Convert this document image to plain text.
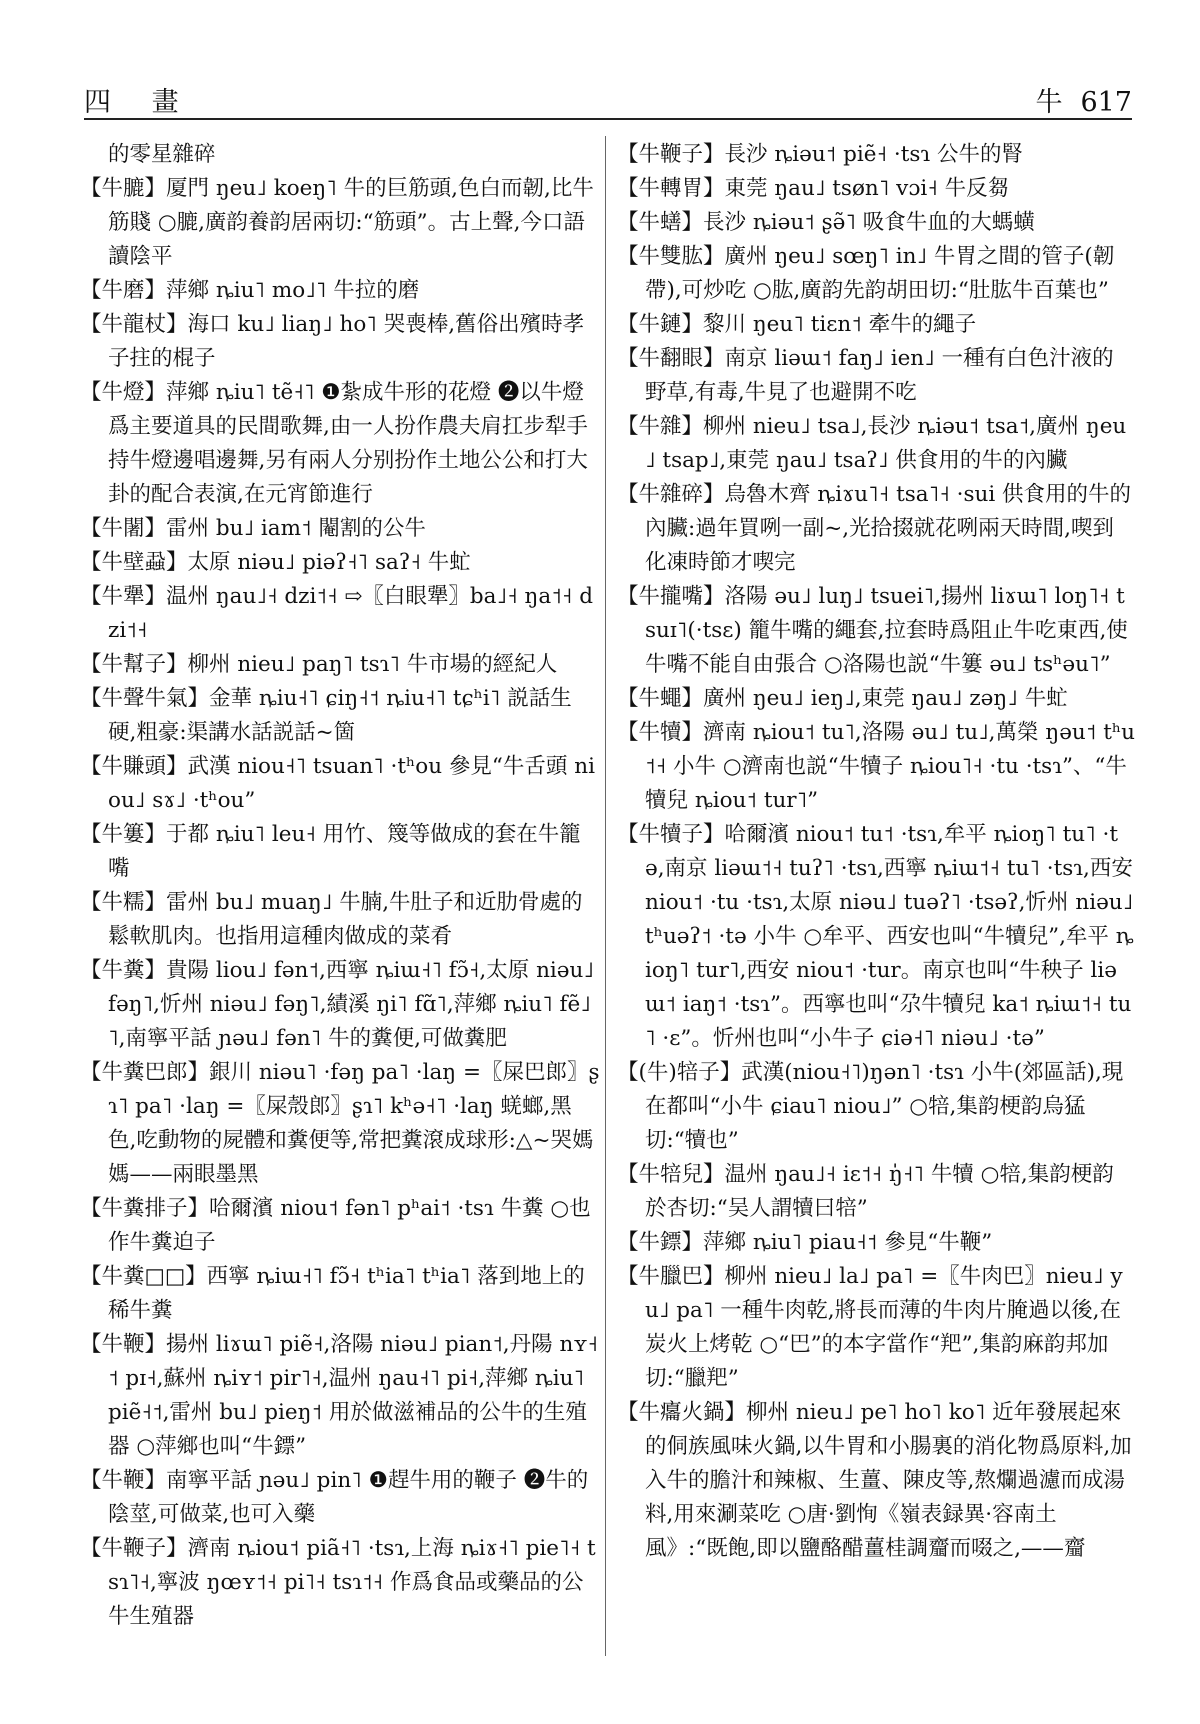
四 畫	牛 617

的零星雜碎

【牛膔】厦門 ŋeu˩ koeŋ˥ 牛的巨筋頭,色白而韌,比牛筋賤 ○膔,廣韵養韵居兩切:“筋頭”。古上聲,今口語讀陰平

【牛磨】萍鄉 ȵiu˥ mo˩˥ 牛拉的磨

【牛龍杖】海口 ku˩ liaŋ˩ ho˥ 哭喪棒,舊俗出殯時孝子拄的棍子

【牛燈】萍鄉 ȵiu˥ tẽ˧˥ ❶紮成牛形的花燈 ❷以牛燈爲主要道具的民間歌舞,由一人扮作農夫肩扛步犁手持牛燈邊唱邊舞,另有兩人分别扮作土地公公和打大卦的配合表演,在元宵節進行

【牛闍】雷州 bu˩ iam˦ 閹割的公牛

【牛壁蝨】太原 niəu˩ piəʔ˧˥ saʔ˧ 牛虻

【牛犟】温州 ŋau˩˧ dzi˦˧ ⇨〖白眼犟〗ba˩˧ ŋa˦˧ dzi˦˧

【牛幫子】柳州 nieu˩ paŋ˥ tsɿ˥ 牛市場的經紀人

【牛聲牛氣】金華 ȵiu˧˥ ɕiŋ˧˦ ȵiu˧˥ tɕʰi˥ 説話生硬,粗豪:渠講水話説話~箇

【牛賺頭】武漢 niou˧˥ tsuan˥ ·tʰou 參見“牛舌頭 niou˩ sɤ˩ ·tʰou”

【牛簍】于都 ȵiu˥ leu˧ 用竹、篾等做成的套在牛籠嘴

【牛糯】雷州 bu˩ muaŋ˩ 牛腩,牛肚子和近肋骨處的鬆軟肌肉。也指用這種肉做成的菜肴

【牛糞】貴陽 liou˩ fən˦,西寧 ȵiɯ˧˥ fɔ̃˧,太原 niəu˩ fəŋ˥,忻州 niəu˩ fəŋ˥,績溪 ŋi˥ fɑ̃˥,萍鄉 ȵiu˥ fẽ˩˥,南寧平話 ɲəu˩ fən˥ 牛的糞便,可做糞肥

【牛糞巴郎】銀川 niəu˥ ·fəŋ pa˥ ·laŋ =〖屎巴郎〗ʂɿ˥ pa˥ ·laŋ =〖屎殼郎〗ʂɿ˥ kʰə˧˥ ·laŋ 蜣螂,黑色,吃動物的屍體和糞便等,常把糞滾成球形:△~哭媽媽——兩眼墨黑

【牛糞排子】哈爾濱 niou˦ fən˥ pʰai˦ ·tsɿ 牛糞 ○也作牛糞迫子

【牛糞□□】西寧 ȵiɯ˧˥ fɔ̃˧ tʰia˥ tʰia˥ 落到地上的稀牛糞

【牛鞭】揚州 liɤɯ˥ piẽ˧,洛陽 niəu˩ pian˦,丹陽 nʏ˧˦ pɪ˧,蘇州 ȵiʏ˦ pir˥˧,温州 ŋau˧˥ pi˧,萍鄉 ȵiu˥ piẽ˧˦,雷州 bu˩ pieŋ˦ 用於做滋補品的公牛的生殖器 ○萍鄉也叫“牛鏢”

【牛鞭】南寧平話 ɲəu˩ pin˥ ❶趕牛用的鞭子 ❷牛的陰莖,可做菜,也可入藥

【牛鞭子】濟南 ȵiou˦ piã˧˥ ·tsɿ,上海 ȵiɤ˧˥ pie˥˧ tsɿ˥˧,寧波 ŋœʏ˦˧ pi˥˧ tsɿ˦˧ 作爲食品或藥品的公牛生殖器

【牛鞭子】長沙 ȵiəu˦ piẽ˧ ·tsɿ 公牛的腎

【牛轉胃】東莞 ŋau˩ tsøn˥ vɔi˧ 牛反芻

【牛蟮】長沙 ȵiəu˦ ʂə̃˥ 吸食牛血的大螞蟥

【牛雙肱】廣州 ŋeu˩ sœŋ˥ in˩ 牛胃之間的管子(韌帶),可炒吃 ○肱,廣韵先韵胡田切:“肚肱牛百葉也”

【牛鏈】黎川 ŋeu˥ tiɛn˦ 牽牛的繩子

【牛翻眼】南京 liəɯ˦ faŋ˩ ien˩ 一種有白色汁液的野草,有毒,牛見了也避開不吃

【牛雜】柳州 nieu˩ tsa˩,長沙 ȵiəu˦ tsa˦,廣州 ŋeu˩ tsap˩,東莞 ŋau˩ tsaʔ˩ 供食用的牛的內臟

【牛雜碎】烏魯木齊 ȵiɤu˥˧ tsa˥˧ ·sui 供食用的牛的內臟:過年買咧一副~,光拾掇就花咧兩天時間,喫到化凍時節才喫完

【牛攏嘴】洛陽 əu˩ luŋ˩ tsuei˥,揚州 liɤɯ˥ loŋ˥˧ tsuɪ˥(·tsɛ) 籠牛嘴的繩套,拉套時爲阻止牛吃東西,使牛嘴不能自由張合 ○洛陽也説“牛簍 əu˩ tsʰəu˥”

【牛蠅】廣州 ŋeu˩ ieŋ˩,東莞 ŋau˩ zəŋ˩ 牛虻

【牛犢】濟南 ȵiou˦ tu˥,洛陽 əu˩ tu˩,萬榮 ŋəu˦ tʰu˦˧ 小牛 ○濟南也説“牛犢子 ȵiou˥˧ ·tu ·tsɿ”、“牛犢兒 ȵiou˦ tur˥”

【牛犢子】哈爾濱 niou˦ tu˦ ·tsɿ,牟平 ȵioŋ˥ tu˥ ·tə,南京 liəɯ˦˧ tuʔ˥ ·tsɿ,西寧 ȵiɯ˦˧ tu˥ ·tsɿ,西安 niou˦ ·tu ·tsɿ,太原 niəu˩ tuəʔ˥ ·tsəʔ,忻州 niəu˩ tʰuəʔ˦ ·tə 小牛 ○牟平、西安也叫“牛犢兒”,牟平 ȵioŋ˥ tur˥,西安 niou˦ ·tur。南京也叫“牛秧子 liəɯ˦ iaŋ˦ ·tsɿ”。西寧也叫“尕牛犢兒 ka˦ ȵiɯ˦˧ tu˥ ·ɛ”。忻州也叫“小牛子 ɕiə˧˥ niəu˩ ·tə”

【(牛)犃子】武漢(niou˧˥)ŋən˥ ·tsɿ 小牛(郊區話),現在都叫“小牛 ɕiau˥ niou˩” ○犃,集韵梗韵烏猛切:“犢也”

【牛犃兒】温州 ŋau˩˧ iɛ˦˧ ŋ̍˧˥ 牛犢 ○犃,集韵梗韵於杏切:“吴人謂犢曰犃”

【牛鏢】萍鄉 ȵiu˥ piau˧˦ 參見“牛鞭”

【牛臘巴】柳州 nieu˩ la˩ pa˥ =〖牛肉巴〗nieu˩ yu˩ pa˥ 一種牛肉乾,將長而薄的牛肉片腌過以後,在炭火上烤乾 ○“巴”的本字當作“羓”,集韵麻韵邦加切:“臘羓”

【牛癟火鍋】柳州 nieu˩ pe˥ ho˥ ko˥ 近年發展起來的侗族風味火鍋,以牛胃和小腸裏的消化物爲原料,加入牛的膽汁和辣椒、生薑、陳皮等,熬爛過濾而成湯料,用來涮菜吃 ○唐·劉恂《嶺表録異·容南土風》:“既飽,即以鹽酪醋薑桂調齏而啜之,——齏
